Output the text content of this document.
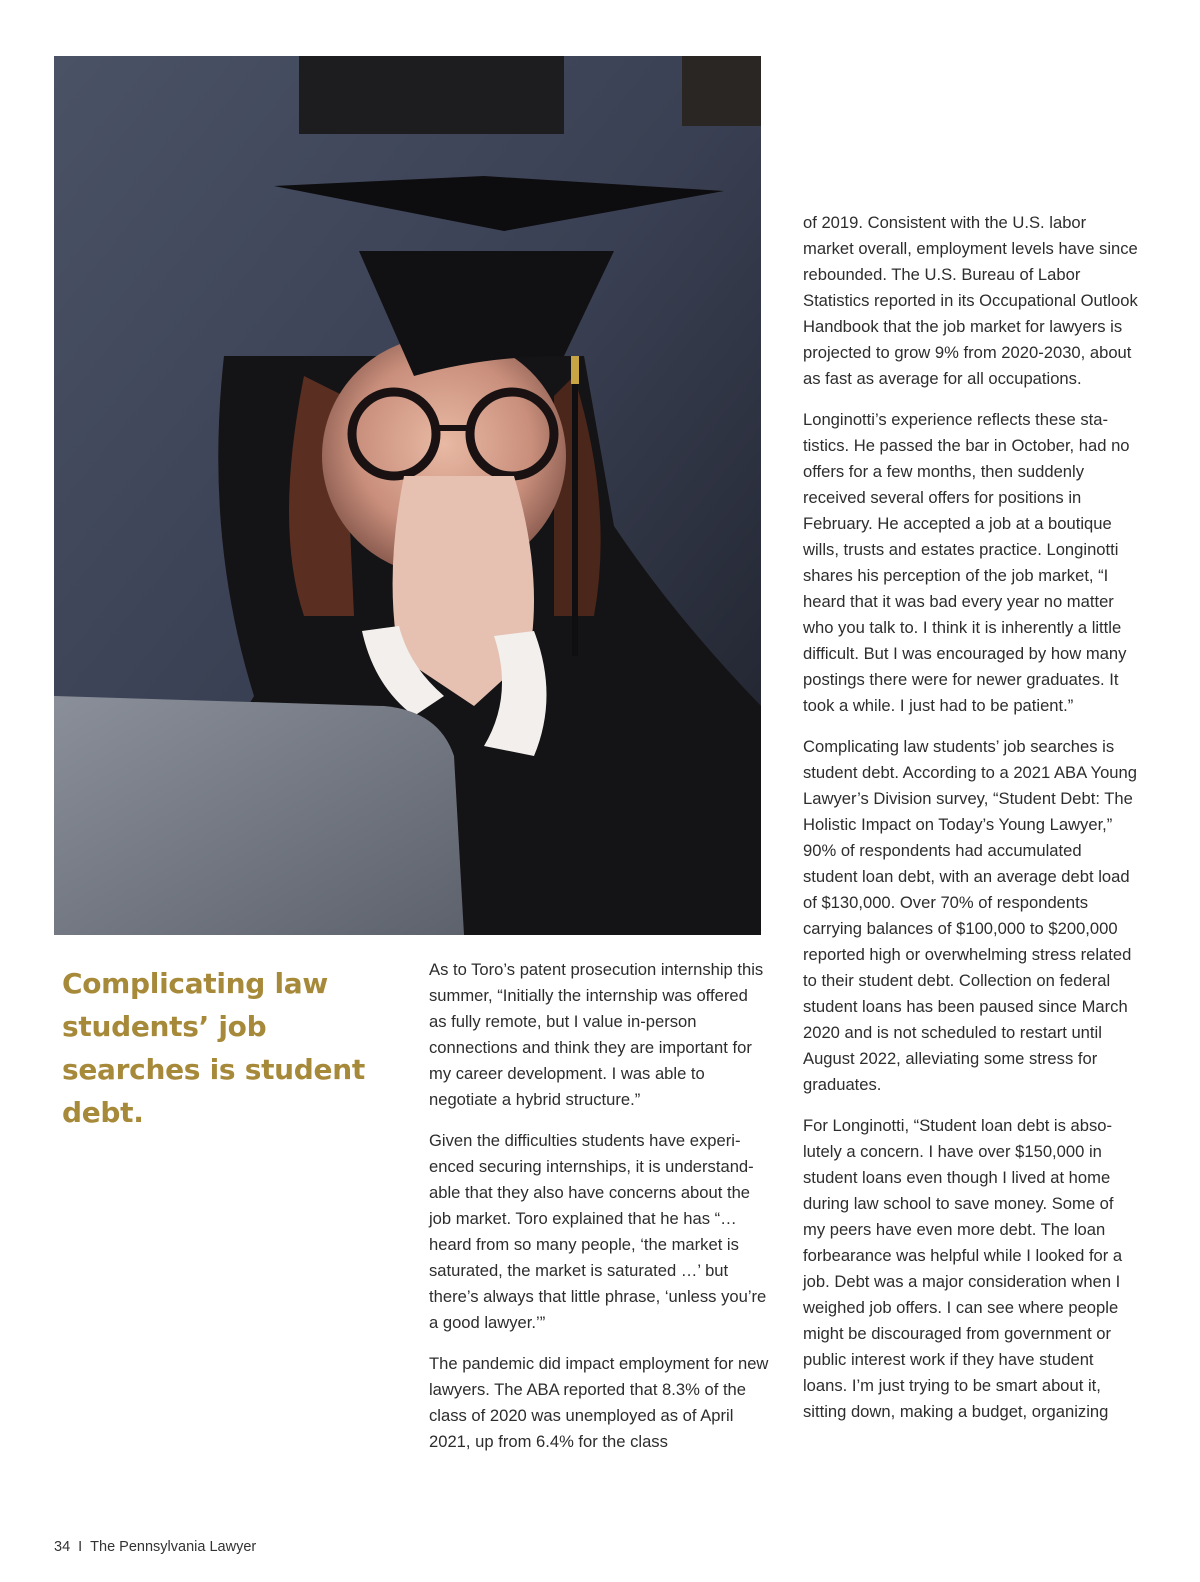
Complicating law students’ job searches is student debt.

As to Toro’s patent prosecution internship this summer, “Initially the internship was offered as fully remote, but I value in-person connections and think they are important for my career development. I was able to negotiate a hybrid structure.”

Given the difficulties students have experienced securing internships, it is understandable that they also have concerns about the job market. Toro explained that he has “… heard from so many people, ‘the market is saturated, the market is saturated …’ but there’s always that little phrase, ‘unless you’re a good lawyer.’”

The pandemic did impact employment for new lawyers. The ABA reported that 8.3% of the class of 2020 was unemployed as of April 2021, up from 6.4% for the class

of 2019. Consistent with the U.S. labor market overall, employment levels have since rebounded. The U.S. Bureau of Labor Statistics reported in its Occupational Outlook Handbook that the job market for lawyers is projected to grow 9% from 2020-2030, about as fast as average for all occupations.

Longinotti’s experience reflects these statistics. He passed the bar in October, had no offers for a few months, then suddenly received several offers for positions in February. He accepted a job at a boutique wills, trusts and estates practice. Longinotti shares his perception of the job market, “I heard that it was bad every year no matter who you talk to. I think it is inherently a little difficult. But I was encouraged by how many postings there were for newer graduates. It took a while. I just had to be patient.”

Complicating law students’ job searches is student debt. According to a 2021 ABA Young Lawyer’s Division survey, “Student Debt: The Holistic Impact on Today’s Young Lawyer,” 90% of respondents had accumulated student loan debt, with an average debt load of $130,000. Over 70% of respondents carrying balances of $100,000 to $200,000 reported high or overwhelming stress related to their student debt. Collection on federal student loans has been paused since March 2020 and is not scheduled to restart until August 2022, alleviating some stress for graduates.

For Longinotti, “Student loan debt is absolutely a concern. I have over $150,000 in student loans even though I lived at home during law school to save money. Some of my peers have even more debt. The loan forbearance was helpful while I looked for a job. Debt was a major consideration when I weighed job offers. I can see where people might be discouraged from government or public interest work if they have student loans. I’m just trying to be smart about it, sitting down, making a budget, organizing

34 I The Pennsylvania Lawyer
